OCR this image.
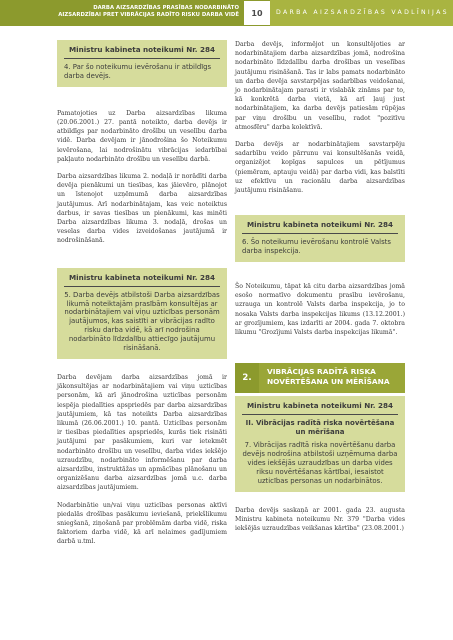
DARBA AIZSARDZĪBAS PRASĪBAS NODARBINĀTO
AIZSARDZĪBAI PRET VIBRĀCIJAS RADĪTO RISKU DARBA VIDĒ	10	DARBA AIZSARDZĪBAS VADLĪNIJAS
Ministru kabineta noteikumi Nr. 284
4. Par šo noteikumu ievērošanu ir atbildīgs darba devējs.

Pamatojoties uz Darba aizsardzības likuma (20.06.2001.) 27. pantā noteikto, darba devējs ir atbildīgs par nodarbināto drošību un veselību darba vidē. Darba devējam ir jānodrošina šo Noteikumu ievērošana, lai nodrošinātu vibrācijas iedarbībai pakļauto nodarbināto drošību un veselību darbā.

Darba aizsardzības likuma 2. nodaļā ir norādīti darba devēja pienākumi un tiesības, kas jāievēro, plānojot un īstenojot uzņēmumā darba aizsardzības jautājumus. Arī nodarbinātajam, kas veic noteiktus darbus, ir savas tiesības un pienākumi, kas minēti Darba aizsardzības likuma 3. nodaļā, drošas un veselas darba vides izveidošanas jautājumā ir nodrošināšanā.

Ministru kabineta noteikumi Nr. 284
5. Darba devējs atbilstoši Darba aizsardzības likumā noteiktajām prasībām konsultējas ar nodarbinātajiem vai viņu uzticības personām jautājumos, kas saistīti ar vibrācijas radīto risku darba vidē, kā arī nodrošina nodarbināto līdzdalību attiecīgo jautājumu risināšanā.

Darba devējam darba aizsardzības jomā ir jākonsultējas ar nodarbinātajiem vai viņu uzticības personām, kā arī jānodrošina uzticības personām iespēja piedalīties apspriedēs par darba aizsardzības jautājumiem, kā tas noteikts Darba aizsardzības likumā (26.06.2001.) 10. pantā. Uzticības personām ir tiesības piedalīties apspriedēs, kurās tiek risināti jautājumi par pasākumiem, kuri var ietekmēt nodarbināto drošību un veselību, darba vides iekšējo uzraudzību, nodarbināto informēšanu par darba aizsardzību, instruktāžas un apmācības plānošanu un organizēšanu darba aizsardzības jomā u.c. darba aizsardzības jautājumiem.

Nodarbinātie un/vai viņu uzticības personas aktīvi piedalās drošības pasākumu ieviešanā, priekšlikumu sniegšanā, ziņošanā par problēmām darba vidē, riska faktoriem darba vidē, kā arī nelaimes gadījumiem darbā u.tml.

Darba devējs, informējot un konsultējoties ar nodarbinātajiem darba aizsardzības jomā, nodrošina nodarbināto līdzdalību darba drošības un veselības jautājumu risināšanā. Tas ir labs pamats nodarbināto un darba devēja savstarpējas sadarbības veidošanai, jo nodarbinātajam parasti ir vislabāk zināms par to, kā konkrētā darba vietā, kā arī ļauj just nodarbinātajiem, ka darba devējs patiesām rūpējas par viņu drošību un veselību, radot "pozitīvu atmosfēru" darba kolektīvā.

Darba devējs ar nodarbinātajiem savstarpēju sadarbību veido pārrunu vai konsultēšanās veidā, organizējot kopīgas sapulces un pētījumus (piemēram, aptauju veidā) par darba vidi, kas balstīti uz efektīvu un racionālu darba aizsardzības jautājumu risināšanu.

Ministru kabineta noteikumi Nr. 284
6. Šo noteikumu ievērošanu kontrolē Valsts darba inspekcija.

Šo Noteikumu, tāpat kā citu darba aizsardzības jomā esošo normatīvo dokumentu prasību ievērošanu, uzrauga un kontrolē Valsts darba inspekcija, jo to nosaka Valsts darba inspekcijas likums (13.12.2001.) ar grozījumiem, kas izdarīti ar 2004. gada 7. oktobra likumu "Grozījumi Valsts darba inspekcijas likumā".

2.
VIBRĀCIJAS RADĪTĀ RISKA NOVĒRTĒŠANA UN MĒRĪŠANA
Ministru kabineta noteikumi Nr. 284
II. Vibrācijas radītā riska novērtēšana un mērīšana
7. Vibrācijas radītā riska novērtēšanu darba devējs nodrošina atbilstoši uzņēmuma darba vides iekšējās uzraudzības un darba vides riksu novērtēšanas kārtībai, iesaistot uzticības personas un nodarbinātos.

Darba devējs saskaņā ar 2001. gada 23. augusta Ministru kabineta noteikumu Nr. 379 "Darba vides iekšējās uzraudzības veikšanas kārtība" (23.08.2001.)
